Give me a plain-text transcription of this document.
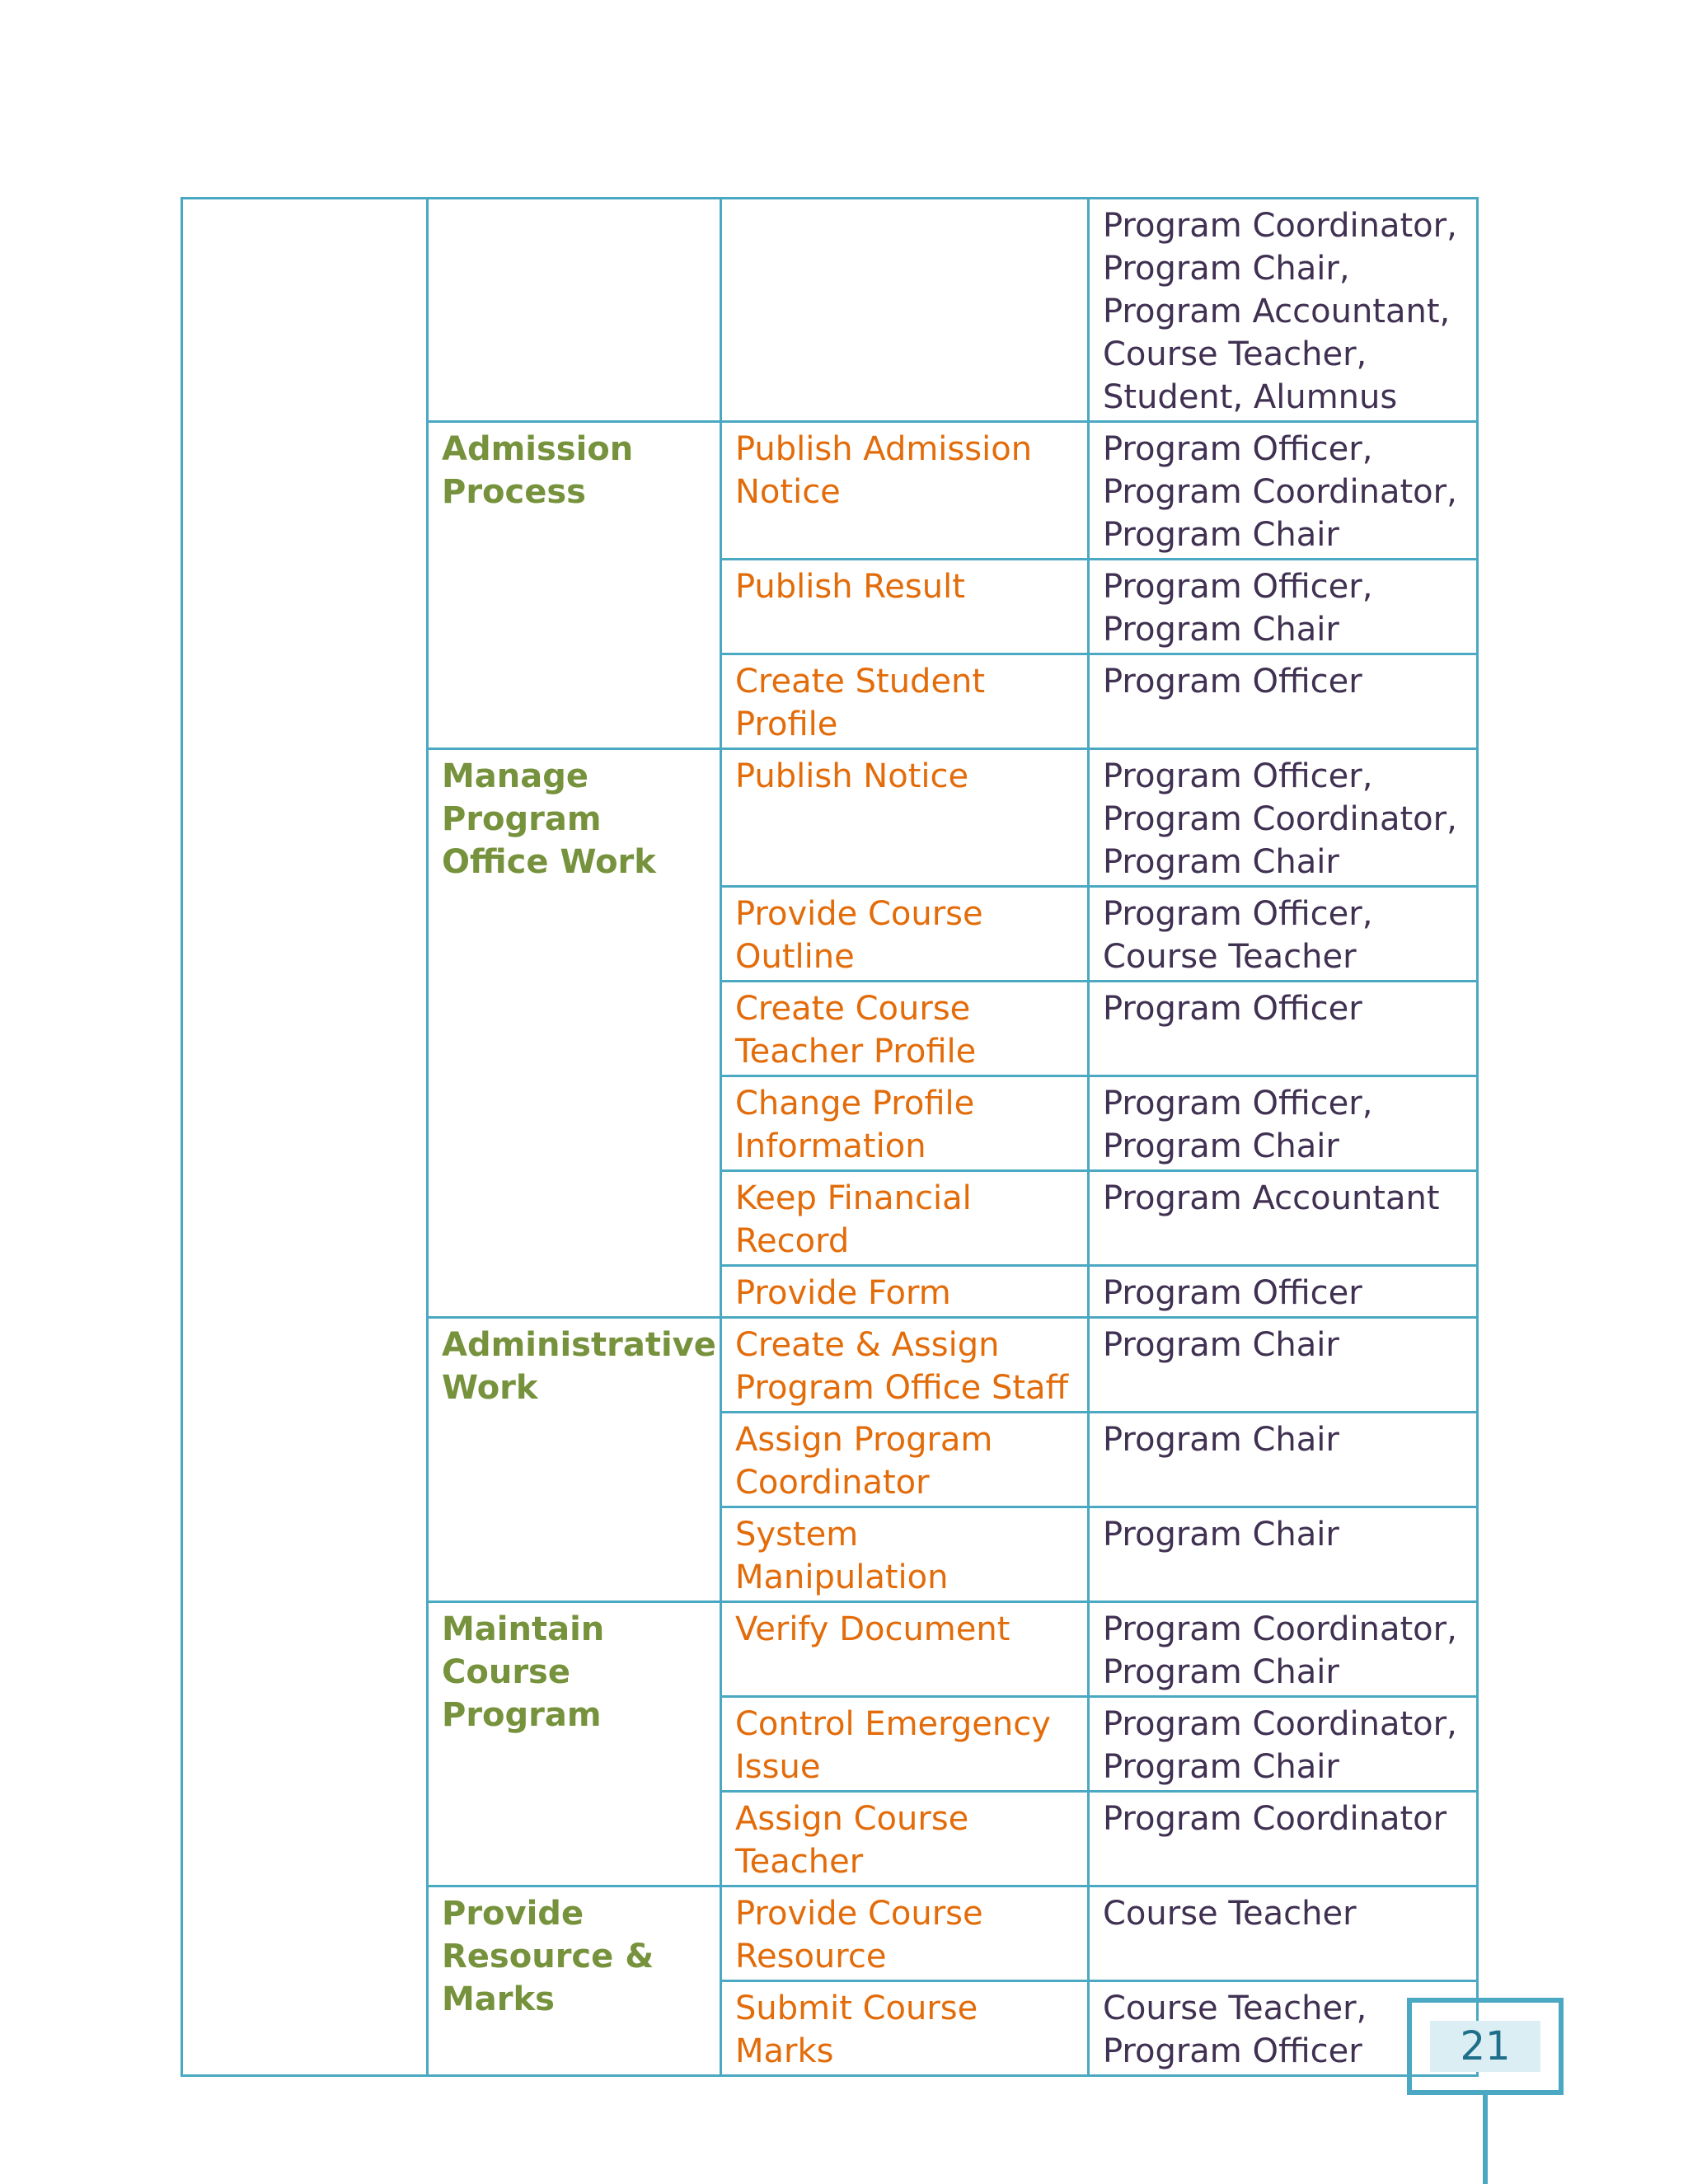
			Program Coordinator, Program Chair, Program Accountant, Course Teacher, Student, Alumnus
	Admission Process	Publish Admission Notice	Program Officer, Program Coordinator, Program Chair
		Publish Result	Program Officer, Program Chair
		Create Student Profile	Program Officer
	Manage Program Office Work	Publish Notice	Program Officer, Program Coordinator, Program Chair
		Provide Course Outline	Program Officer, Course Teacher
		Create Course Teacher Profile	Program Officer
		Change Profile Information	Program Officer, Program Chair
		Keep Financial Record	Program Accountant
		Provide Form	Program Officer
	Administrative Work	Create & Assign Program Office Staff	Program Chair
		Assign Program Coordinator	Program Chair
		System Manipulation	Program Chair
	Maintain Course Program	Verify Document	Program Coordinator, Program Chair
		Control Emergency Issue	Program Coordinator, Program Chair
		Assign Course Teacher	Program Coordinator
	Provide Resource & Marks	Provide Course Resource	Course Teacher
		Submit Course Marks	Course Teacher, Program Officer	21
